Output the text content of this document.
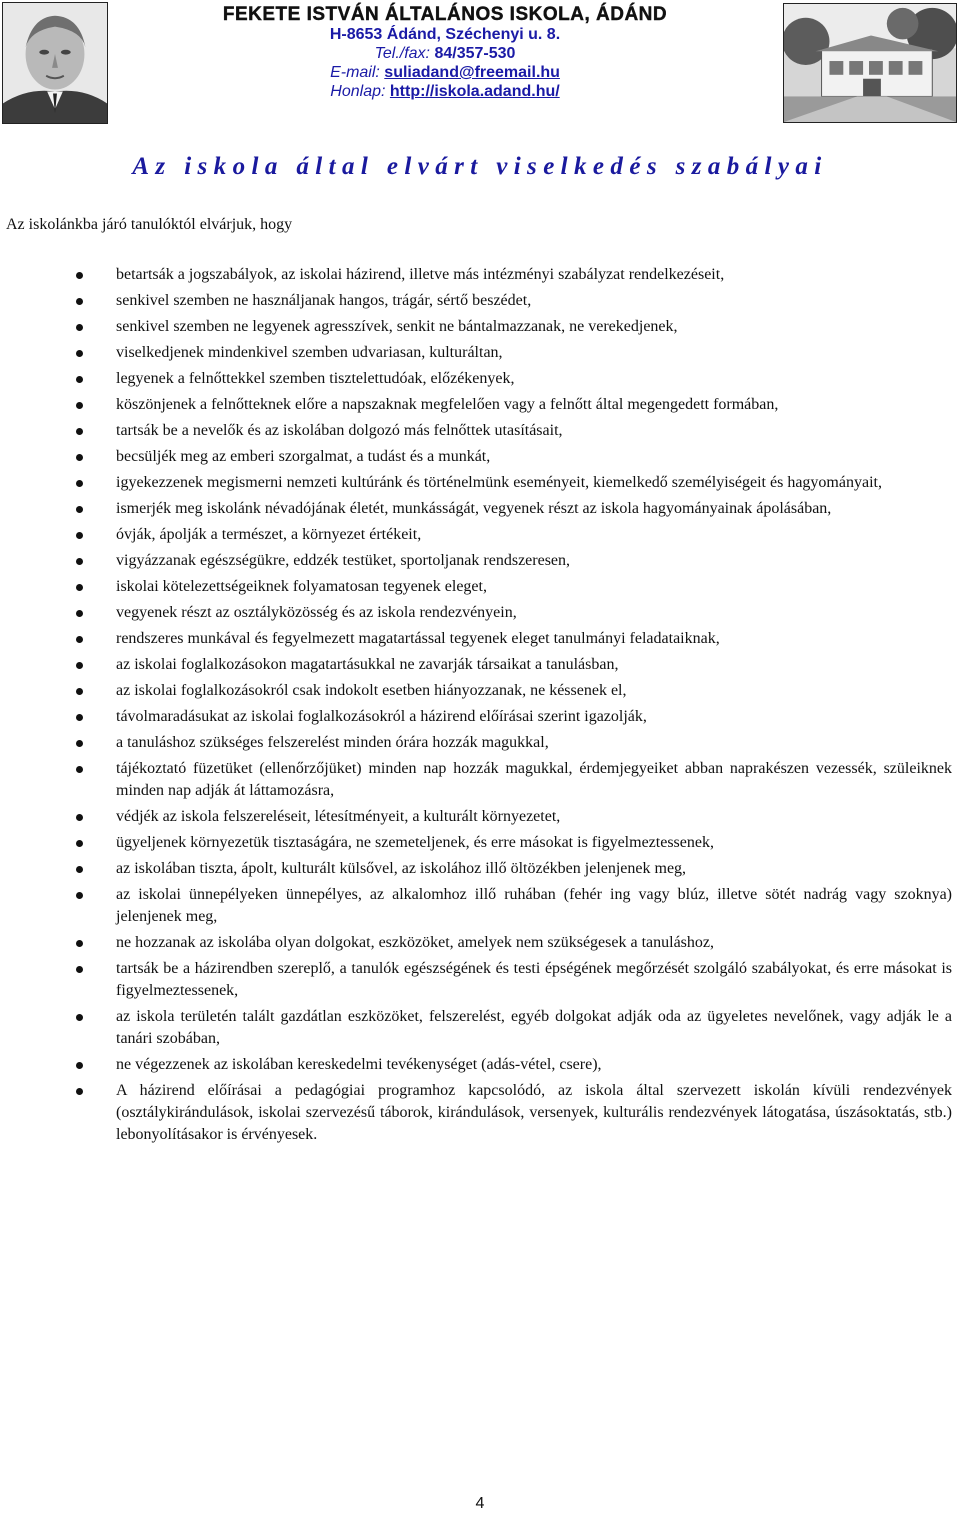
FEKETE ISTVÁN ÁLTALÁNOS ISKOLA, ÁDÁND
H-8653 Ádánd, Széchenyi u. 8.
Tel./fax: 84/357-530
E-mail: suliadand@freemail.hu
Honlap: http://iskola.adand.hu/
Az iskola által elvárt viselkedés szabályai
Az iskolánkba járó tanulóktól elvárjuk, hogy
betartsák a jogszabályok, az iskolai házirend, illetve más intézményi szabályzat rendelkezéseit,
senkivel szemben ne használjanak hangos, trágár, sértő beszédet,
senkivel szemben ne legyenek agresszívek, senkit ne bántalmazzanak, ne verekedjenek,
viselkedjenek mindenkivel szemben udvariasan, kulturáltan,
legyenek a felnőttekkel szemben tisztelettudóak, előzékenyek,
köszönjenek a felnőtteknek előre a napszaknak megfelelően vagy a felnőtt által megengedett formában,
tartsák be a nevelők és az iskolában dolgozó más felnőttek utasításait,
becsüljék meg az emberi szorgalmat, a tudást és a munkát,
igyekezzenek megismerni nemzeti kultúránk és történelmünk eseményeit, kiemelkedő személyiségeit és hagyományait,
ismerjék meg iskolánk névadójának életét, munkásságát, vegyenek részt az iskola hagyományainak ápolásában,
óvják, ápolják a természet, a környezet értékeit,
vigyázzanak egészségükre, eddzék testüket, sportoljanak rendszeresen,
iskolai kötelezettségeiknek folyamatosan tegyenek eleget,
vegyenek részt az osztályközösség és az iskola rendezvényein,
rendszeres munkával és fegyelmezett magatartással tegyenek eleget tanulmányi feladataiknak,
az iskolai foglalkozásokon magatartásukkal ne zavarják társaikat a tanulásban,
az iskolai foglalkozásokról csak indokolt esetben hiányozzanak, ne késsenek el,
távolmaradásukat az iskolai foglalkozásokról a házirend előírásai szerint igazolják,
a tanuláshoz szükséges felszerelést minden órára hozzák magukkal,
tájékoztató füzetüket (ellenőrzőjüket) minden nap hozzák magukkal, érdemjegyeiket abban naprakészen vezessék, szüleiknek minden nap adják át láttamozásra,
védjék az iskola felszereléseit, létesítményeit, a kulturált környezetet,
ügyeljenek környezetük tisztaságára, ne szemeteljenek, és erre másokat is figyelmeztessenek,
az iskolában tiszta, ápolt, kulturált külsővel, az iskolához illő öltözékben jelenjenek meg,
az iskolai ünnepélyeken ünnepélyes, az alkalomhoz illő ruhában (fehér ing vagy blúz, illetve sötét nadrág vagy szoknya) jelenjenek meg,
ne hozzanak az iskolába olyan dolgokat, eszközöket, amelyek nem szükségesek a tanuláshoz,
tartsák be a házirendben szereplő, a tanulók egészségének és testi épségének megőrzését szolgáló szabályokat, és erre másokat is figyelmeztessenek,
az iskola területén talált gazdátlan eszközöket, felszerelést, egyéb dolgokat adják oda az ügyeletes nevelőnek, vagy adják le a tanári szobában,
ne végezzenek az iskolában kereskedelmi tevékenységet (adás-vétel, csere),
A házirend előírásai a pedagógiai programhoz kapcsolódó, az iskola által szervezett iskolán kívüli rendezvények (osztálykirándulások, iskolai szervezésű táborok, kirándulások, versenyek, kulturális rendezvények látogatása, úszásoktatás, stb.) lebonyolításakor is érvényesek.
4
